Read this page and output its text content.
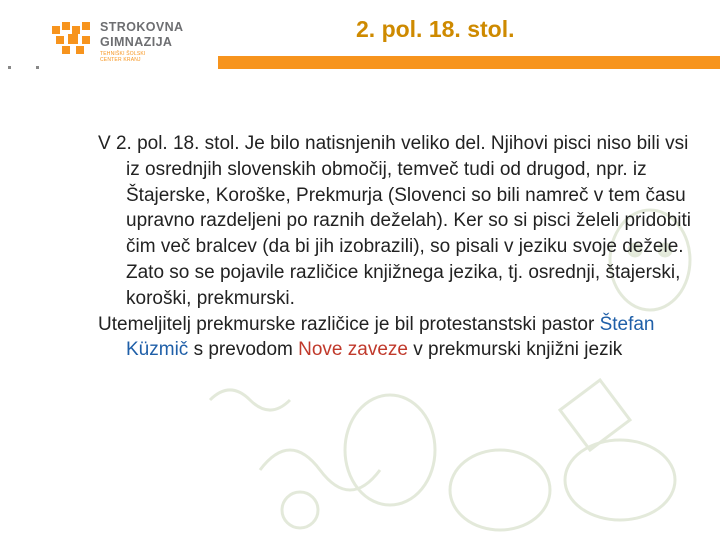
STROKOVNA
GIMNAZIJA
TEHNIŠKI ŠOLSKI
CENTER KRANJ
2. pol. 18. stol.

V 2. pol. 18. stol. Je bilo natisnjenih veliko del. Njihovi pisci niso bili vsi iz osrednjih slovenskih območij, temveč tudi od drugod, npr. iz Štajerske, Koroške, Prekmurja (Slovenci so bili namreč v tem času upravno razdeljeni po raznih deželah). Ker so si pisci želeli pridobiti čim več bralcev (da bi jih izobrazili), so pisali v jeziku svoje dežele. Zato so se pojavile različice knjižnega jezika, tj. osrednji, štajerski, koroški, prekmurski.

Utemeljitelj prekmurske različice je bil protestanstski pastor Štefan Küzmič s prevodom Nove zaveze v prekmurski knjižni jezik
